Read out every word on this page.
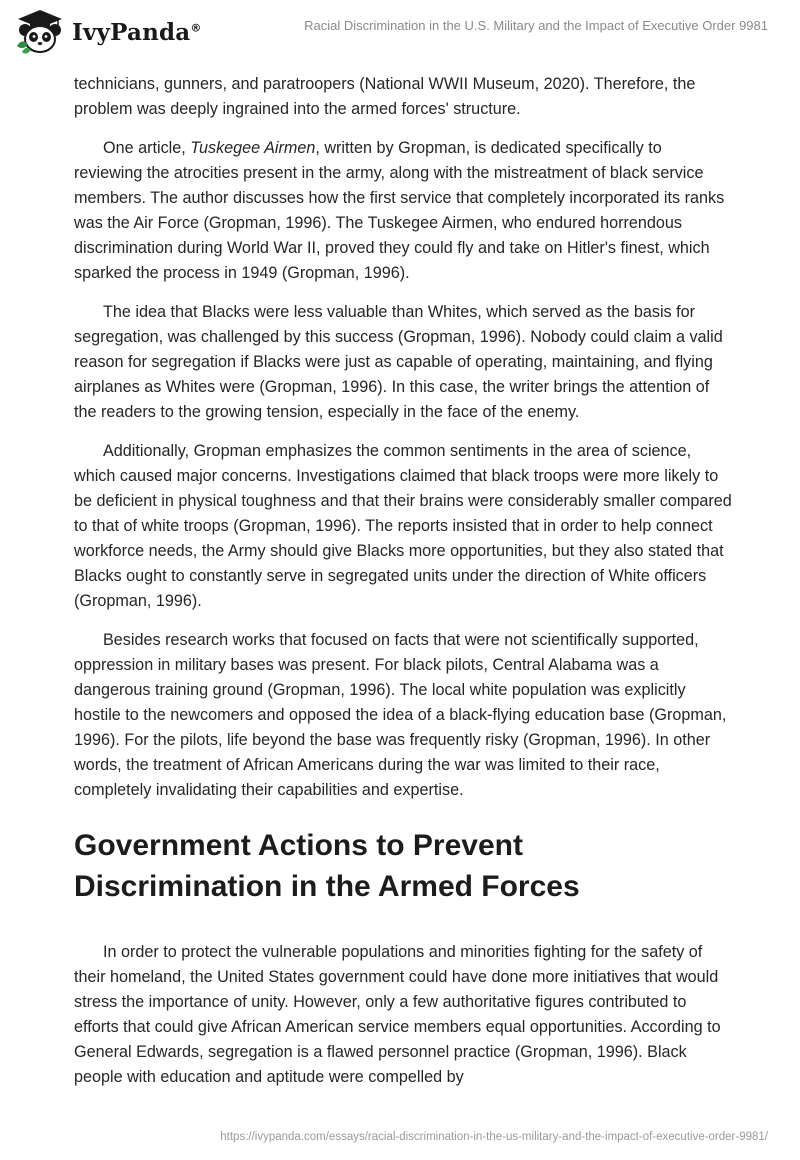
IvyPanda®	Racial Discrimination in the U.S. Military and the Impact of Executive Order 9981

technicians, gunners, and paratroopers (National WWII Museum, 2020). Therefore, the problem was deeply ingrained into the armed forces' structure.

One article, Tuskegee Airmen, written by Gropman, is dedicated specifically to reviewing the atrocities present in the army, along with the mistreatment of black service members. The author discusses how the first service that completely incorporated its ranks was the Air Force (Gropman, 1996). The Tuskegee Airmen, who endured horrendous discrimination during World War II, proved they could fly and take on Hitler's finest, which sparked the process in 1949 (Gropman, 1996).

The idea that Blacks were less valuable than Whites, which served as the basis for segregation, was challenged by this success (Gropman, 1996). Nobody could claim a valid reason for segregation if Blacks were just as capable of operating, maintaining, and flying airplanes as Whites were (Gropman, 1996). In this case, the writer brings the attention of the readers to the growing tension, especially in the face of the enemy.

Additionally, Gropman emphasizes the common sentiments in the area of science, which caused major concerns. Investigations claimed that black troops were more likely to be deficient in physical toughness and that their brains were considerably smaller compared to that of white troops (Gropman, 1996). The reports insisted that in order to help connect workforce needs, the Army should give Blacks more opportunities, but they also stated that Blacks ought to constantly serve in segregated units under the direction of White officers (Gropman, 1996).

Besides research works that focused on facts that were not scientifically supported, oppression in military bases was present. For black pilots, Central Alabama was a dangerous training ground (Gropman, 1996). The local white population was explicitly hostile to the newcomers and opposed the idea of a black-flying education base (Gropman, 1996). For the pilots, life beyond the base was frequently risky (Gropman, 1996). In other words, the treatment of African Americans during the war was limited to their race, completely invalidating their capabilities and expertise.

Government Actions to Prevent Discrimination in the Armed Forces

In order to protect the vulnerable populations and minorities fighting for the safety of their homeland, the United States government could have done more initiatives that would stress the importance of unity. However, only a few authoritative figures contributed to efforts that could give African American service members equal opportunities. According to General Edwards, segregation is a flawed personnel practice (Gropman, 1996). Black people with education and aptitude were compelled by

https://ivypanda.com/essays/racial-discrimination-in-the-us-military-and-the-impact-of-executive-order-9981/
